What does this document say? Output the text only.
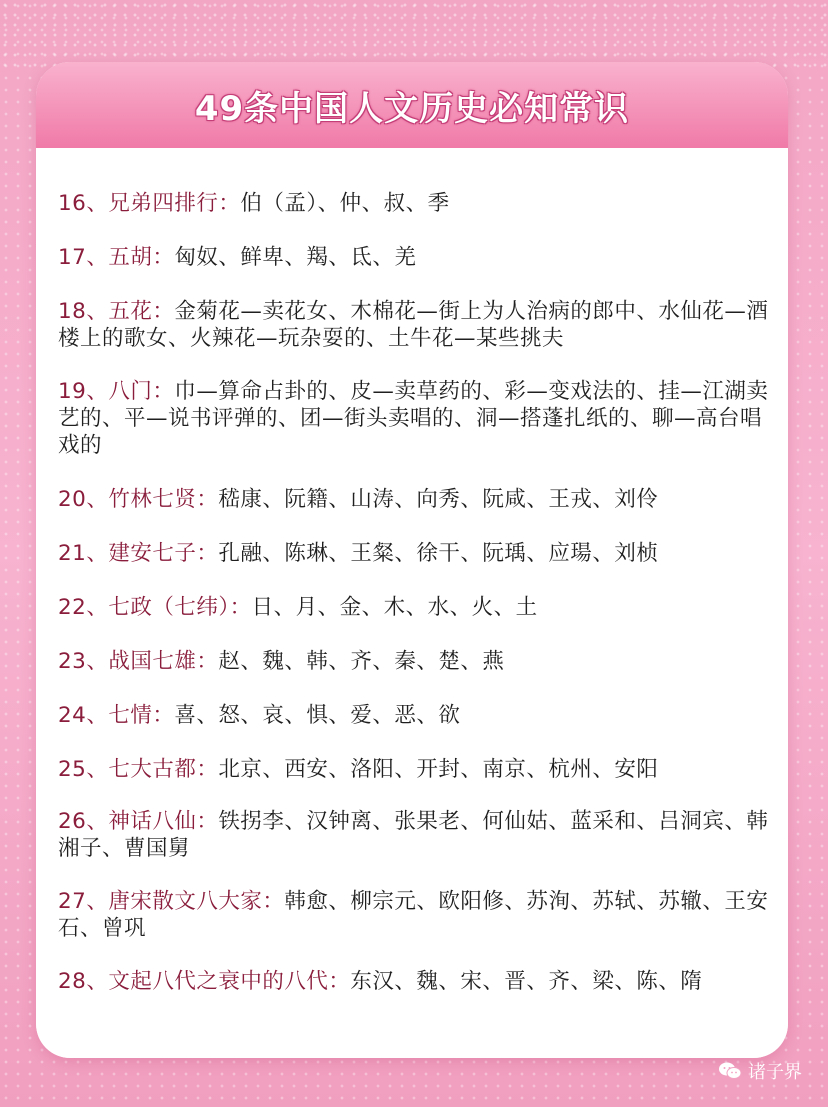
49条中国人文历史必知常识
16、兄弟四排行：伯（孟）、仲、叔、季
17、五胡：匈奴、鲜卑、羯、氐、羌
18、五花：金菊花—卖花女、木棉花—街上为人治病的郎中、水仙花—酒楼上的歌女、火辣花—玩杂耍的、土牛花—某些挑夫
19、八门：巾—算命占卦的、皮—卖草药的、彩—变戏法的、挂—江湖卖艺的、平—说书评弹的、团—街头卖唱的、洞—搭蓬扎纸的、聊—高台唱戏的
20、竹林七贤：嵇康、阮籍、山涛、向秀、阮咸、王戎、刘伶
21、建安七子：孔融、陈琳、王粲、徐干、阮瑀、应瑒、刘桢
22、七政（七纬）：日、月、金、木、水、火、土
23、战国七雄：赵、魏、韩、齐、秦、楚、燕
24、七情：喜、怒、哀、惧、爱、恶、欲
25、七大古都：北京、西安、洛阳、开封、南京、杭州、安阳
26、神话八仙：铁拐李、汉钟离、张果老、何仙姑、蓝采和、吕洞宾、韩湘子、曹国舅
27、唐宋散文八大家：韩愈、柳宗元、欧阳修、苏洵、苏轼、苏辙、王安石、曾巩
28、文起八代之衰中的八代：东汉、魏、宋、晋、齐、梁、陈、隋
诸子界
